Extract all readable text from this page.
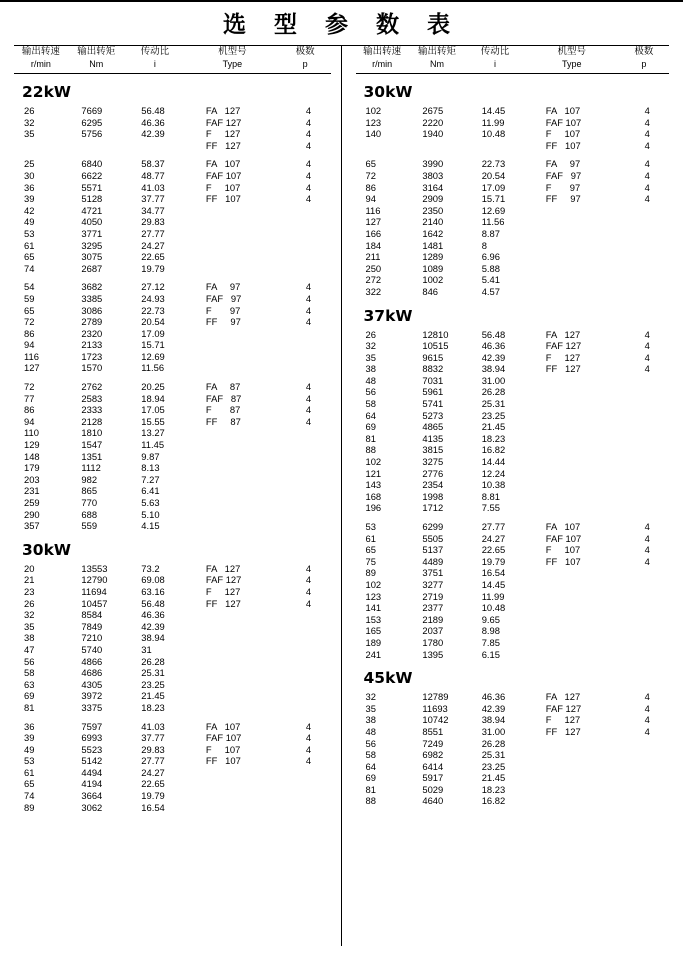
选 型 参 数 表
输出转速	输出转矩	传动比	机型号	极数
r/min	Nm	i	Type	p
22kW
26	7669	56.48	FA   127	4
32	6295	46.36	FAF 127	4
35	5756	42.39	F     127	4
			FF   127	4

25	6840	58.37	FA   107	4
30	6622	48.77	FAF 107	4
36	5571	41.03	F     107	4
39	5128	37.77	FF   107	4
42	4721	34.77		
49	4050	29.83		
53	3771	27.77		
61	3295	24.27		
65	3075	22.65		
74	2687	19.79		

54	3682	27.12	FA     97	4
59	3385	24.93	FAF   97	4
65	3086	22.73	F       97	4
72	2789	20.54	FF     97	4
86	2320	17.09		
94	2133	15.71		
116	1723	12.69		
127	1570	11.56		

72	2762	20.25	FA     87	4
77	2583	18.94	FAF   87	4
86	2333	17.05	F       87	4
94	2128	15.55	FF     87	4
110	1810	13.27		
129	1547	11.45		
148	1351	9.87		
179	1112	8.13		
203	982	7.27		
231	865	6.41		
259	770	5.63		
290	688	5.10		
357	559	4.15		
30kW
20	13553	73.2	FA   127	4
21	12790	69.08	FAF 127	4
23	11694	63.16	F     127	4
26	10457	56.48	FF   127	4
32	8584	46.36		
35	7849	42.39		
38	7210	38.94		
47	5740	31		
56	4866	26.28		
58	4686	25.31		
63	4305	23.25		
69	3972	21.45		
81	3375	18.23		

36	7597	41.03	FA   107	4
39	6993	37.77	FAF 107	4
49	5523	29.83	F     107	4
53	5142	27.77	FF   107	4
61	4494	24.27		
65	4194	22.65		
74	3664	19.79		
89	3062	16.54		
输出转速	输出转矩	传动比	机型号	极数
r/min	Nm	i	Type	p
30kW
102	2675	14.45	FA   107	4
123	2220	11.99	FAF 107	4
140	1940	10.48	F     107	4
			FF   107	4

65	3990	22.73	FA     97	4
72	3803	20.54	FAF   97	4
86	3164	17.09	F       97	4
94	2909	15.71	FF     97	4
116	2350	12.69		
127	2140	11.56		
166	1642	8.87		
184	1481	8		
211	1289	6.96		
250	1089	5.88		
272	1002	5.41		
322	846	4.57		
37kW
26	12810	56.48	FA   127	4
32	10515	46.36	FAF 127	4
35	9615	42.39	F     127	4
38	8832	38.94	FF   127	4
48	7031	31.00		
56	5961	26.28		
58	5741	25.31		
64	5273	23.25		
69	4865	21.45		
81	4135	18.23		
88	3815	16.82		
102	3275	14.44		
121	2776	12.24		
143	2354	10.38		
168	1998	8.81		
196	1712	7.55		

53	6299	27.77	FA   107	4
61	5505	24.27	FAF 107	4
65	5137	22.65	F     107	4
75	4489	19.79	FF   107	4
89	3751	16.54		
102	3277	14.45		
123	2719	11.99		
141	2377	10.48		
153	2189	9.65		
165	2037	8.98		
189	1780	7.85		
241	1395	6.15		
45kW
32	12789	46.36	FA   127	4
35	11693	42.39	FAF 127	4
38	10742	38.94	F     127	4
48	8551	31.00	FF   127	4
56	7249	26.28		
58	6982	25.31		
64	6414	23.25		
69	5917	21.45		
81	5029	18.23		
88	4640	16.82		
